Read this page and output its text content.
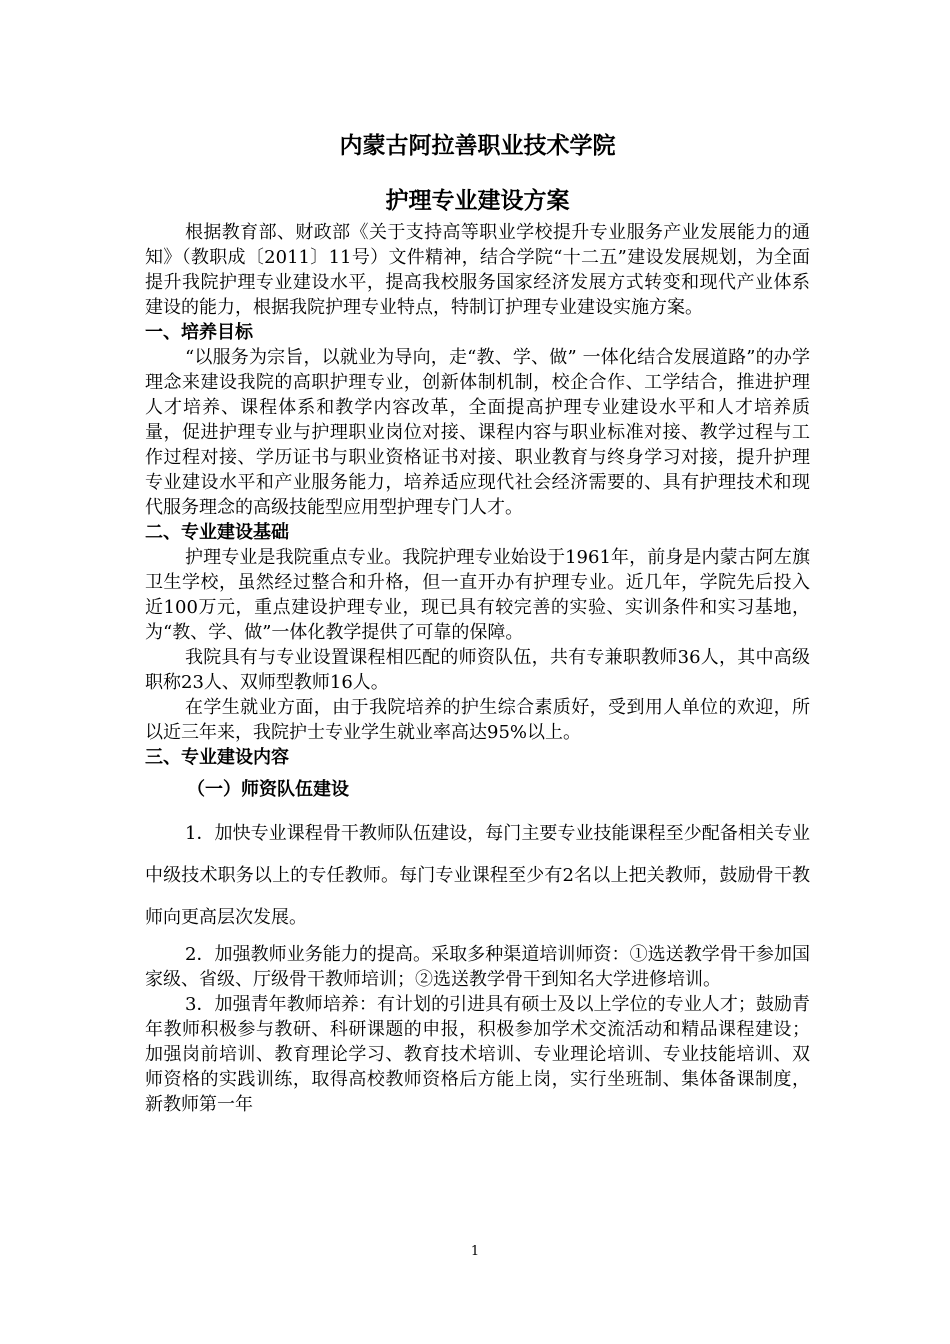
内蒙古阿拉善职业技术学院
护理专业建设方案

根据教育部、财政部《关于支持高等职业学校提升专业服务产业发展能力的通知》（教职成〔2011〕11号）文件精神，结合学院“十二五”建设发展规划，为全面提升我院护理专业建设水平，提高我校服务国家经济发展方式转变和现代产业体系建设的能力，根据我院护理专业特点，特制订护理专业建设实施方案。

一、培养目标

“以服务为宗旨，以就业为导向，走“教、学、做” 一体化结合发展道路”的办学理念来建设我院的高职护理专业，创新体制机制，校企合作、工学结合，推进护理人才培养、课程体系和教学内容改革，全面提高护理专业建设水平和人才培养质量，促进护理专业与护理职业岗位对接、课程内容与职业标准对接、教学过程与工作过程对接、学历证书与职业资格证书对接、职业教育与终身学习对接，提升护理专业建设水平和产业服务能力，培养适应现代社会经济需要的、具有护理技术和现代服务理念的高级技能型应用型护理专门人才。

二、专业建设基础

护理专业是我院重点专业。我院护理专业始设于1961年，前身是内蒙古阿左旗卫生学校，虽然经过整合和升格，但一直开办有护理专业。近几年，学院先后投入近100万元，重点建设护理专业，现已具有较完善的实验、实训条件和实习基地，为“教、学、做”一体化教学提供了可靠的保障。

我院具有与专业设置课程相匹配的师资队伍，共有专兼职教师36人，其中高级职称23人、双师型教师16人。

在学生就业方面，由于我院培养的护生综合素质好，受到用人单位的欢迎，所以近三年来，我院护士专业学生就业率高达95%以上。

三、专业建设内容
（一）师资队伍建设

1．加快专业课程骨干教师队伍建设，每门主要专业技能课程至少配备相关专业中级技术职务以上的专任教师。每门专业课程至少有2名以上把关教师，鼓励骨干教师向更高层次发展。

2．加强教师业务能力的提高。采取多种渠道培训师资：①选送教学骨干参加国家级、省级、厅级骨干教师培训；②选送教学骨干到知名大学进修培训。

3．加强青年教师培养：有计划的引进具有硕士及以上学位的专业人才；鼓励青年教师积极参与教研、科研课题的申报，积极参加学术交流活动和精品课程建设；加强岗前培训、教育理论学习、教育技术培训、专业理论培训、专业技能培训、双师资格的实践训练，取得高校教师资格后方能上岗，实行坐班制、集体备课制度，新教师第一年

1
